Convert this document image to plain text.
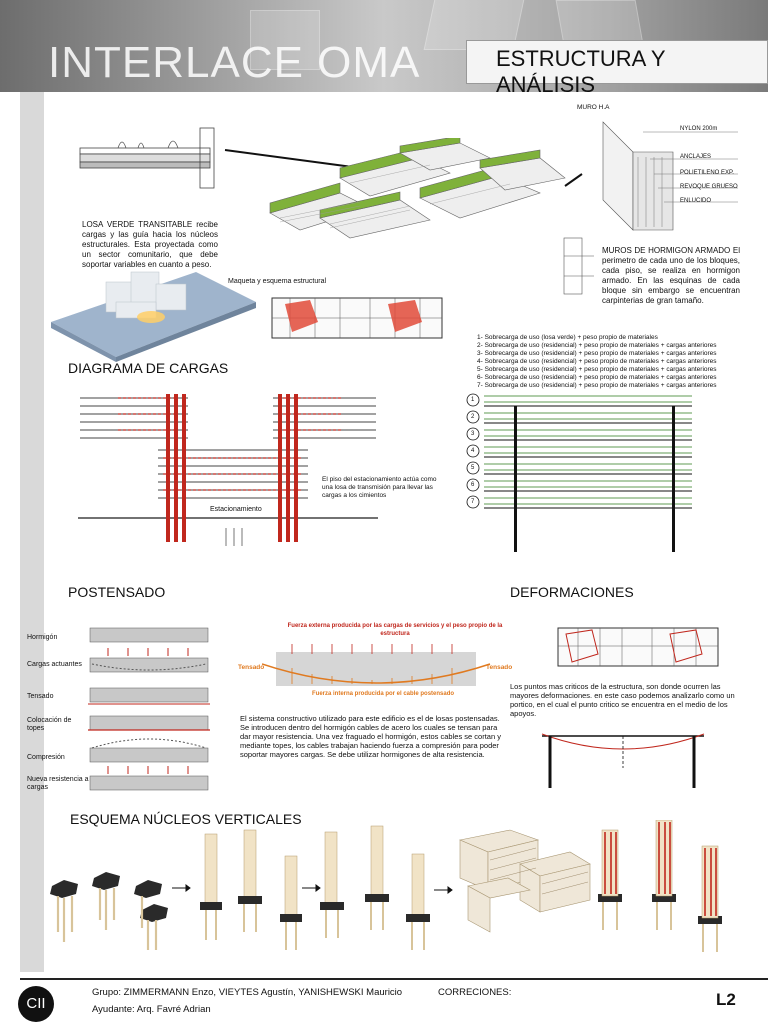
INTERLACE OMA	ESTRUCTURA Y ANÁLISIS
MURO H.A
NYLON 200m
ANCLAJES
POLIETILENO EXP.
REVOQUE GRUESO
ENLUCIDO
MUROS DE HORMIGON ARMADO El perimetro de cada uno de los bloques, cada piso, se realiza en hormigon armado. En las esquinas de cada bloque sin embargo se encuentran carpinterias de gran tamaño.
LOSA VERDE TRANSITABLE recibe cargas y las guía hacia los núcleos estructurales. Esta proyectada como un sector comunitario, que debe soportar variables en cuanto a peso.
Maqueta y esquema estructural
DIAGRAMA DE CARGAS
1- Sobrecarga de uso (losa verde) + peso propio de materiales
2- Sobrecarga de uso (residencial) + peso propio de materiales + cargas anteriores
3- Sobrecarga de uso (residencial) + peso propio de materiales + cargas anteriores
4- Sobrecarga de uso (residencial) + peso propio de materiales + cargas anteriores
5- Sobrecarga de uso (residencial) + peso propio de materiales + cargas anteriores
6- Sobrecarga de uso (residencial) + peso propio de materiales + cargas anteriores
7- Sobrecarga de uso (residencial) + peso propio de materiales + cargas anteriores
El piso del estacionamiento actúa como una losa de transmisión para llevar las cargas a los cimientos
Estacionamiento
1
2
3
4
5
6
7
POSTENSADO
Hormigón
Cargas actuantes
Tensado
Colocación de topes
Compresión
Nueva resistencia a cargas
Fuerza externa producida por las cargas de servicios y el peso propio de la estructura
Tensado	Tensado
Fuerza interna producida por el cable postensado
El sistema constructivo utilizado para este edificio es el de losas postensadas. Se introducen dentro del hormigón cables de acero los cuales se tensan para dar mayor resistencia. Una vez fraguado el hormigón, estos cables se cortan y mediante topes, los cables trabajan haciendo fuerza a compresión para poder soportar mayores cargas. Se debe utilizar hormigones de alta resistencia.
DEFORMACIONES
Los puntos mas criticos de la estructura, son donde ocurren las mayores deformaciones. en este caso podemos analizarlo como un portico, en el cual el punto critico se encuentra en el medio de los apoyos.
ESQUEMA NÚCLEOS VERTICALES
CII
Grupo: ZIMMERMANN Enzo, VIEYTES Agustín, YANISHEWSKI Mauricio	CORRECIONES:
Ayudante: Arq. Favré Adrian
L2
